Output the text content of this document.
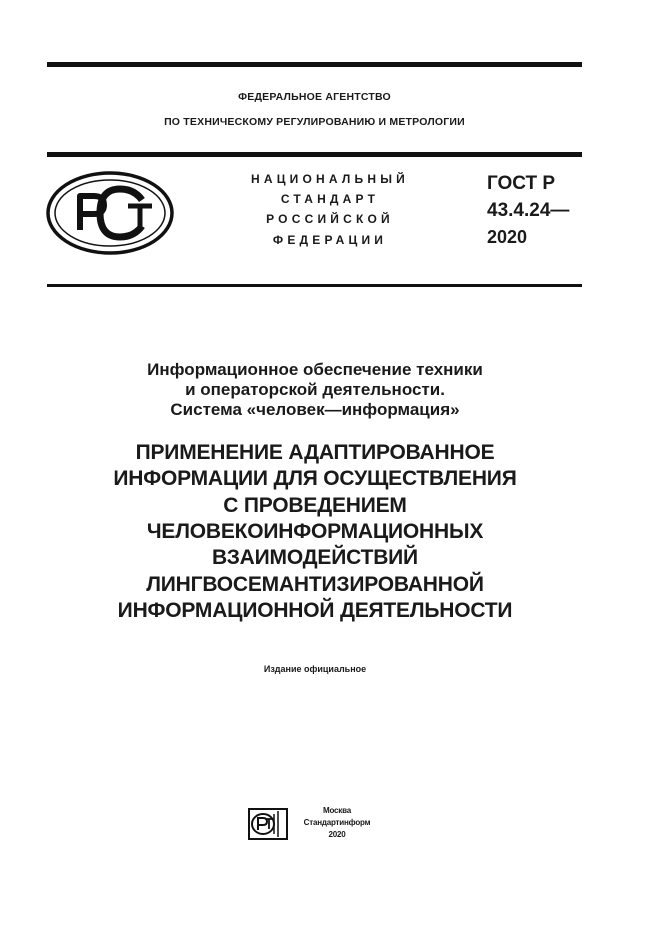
ФЕДЕРАЛЬНОЕ АГЕНТСТВО
ПО ТЕХНИЧЕСКОМУ РЕГУЛИРОВАНИЮ И МЕТРОЛОГИИ
НАЦИОНАЛЬНЫЙ
СТАНДАРТ
РОССИЙСКОЙ
ФЕДЕРАЦИИ
ГОСТ Р
43.4.24—
2020
Информационное обеспечение техники
и операторской деятельности.
Система «человек—информация»
ПРИМЕНЕНИЕ АДАПТИРОВАННОЕ
ИНФОРМАЦИИ ДЛЯ ОСУЩЕСТВЛЕНИЯ
С ПРОВЕДЕНИЕМ
ЧЕЛОВЕКОИНФОРМАЦИОННЫХ
ВЗАИМОДЕЙСТВИЙ
ЛИНГВОСЕМАНТИЗИРОВАННОЙ
ИНФОРМАЦИОННОЙ ДЕЯТЕЛЬНОСТИ
Издание официальное
Москва
Стандартинформ
2020
